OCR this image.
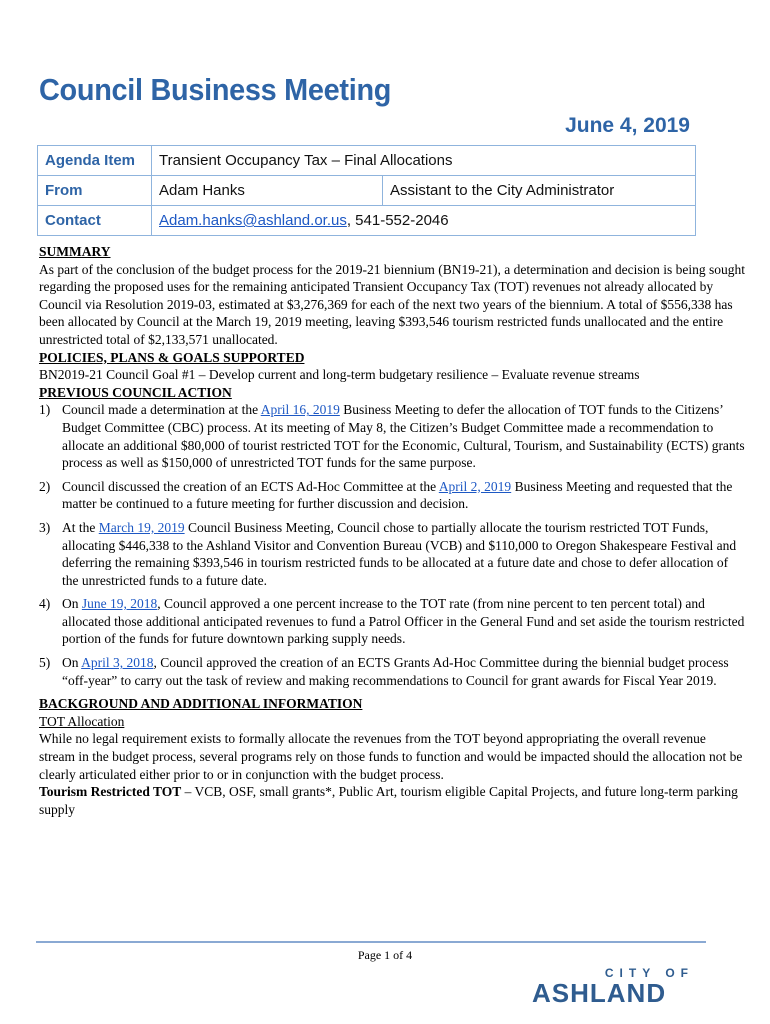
Council Business Meeting
June 4, 2019
Agenda Item	Transient Occupancy Tax – Final Allocations	
From	Adam Hanks	Assistant to the City Administrator
Contact	Adam.hanks@ashland.or.us, 541-552-2046	

SUMMARY

As part of the conclusion of the budget process for the 2019-21 biennium (BN19-21), a determination and decision is being sought regarding the proposed uses for the remaining anticipated Transient Occupancy Tax (TOT) revenues not already allocated by Council via Resolution 2019-03, estimated at $3,276,369 for each of the next two years of the biennium. A total of $556,338 has been allocated by Council at the March 19, 2019 meeting, leaving $393,546 tourism restricted funds unallocated and the entire unrestricted total of $2,133,571 unallocated.

POLICIES, PLANS & GOALS SUPPORTED

BN2019-21 Council Goal #1 – Develop current and long-term budgetary resilience – Evaluate revenue streams

PREVIOUS COUNCIL ACTION

1) Council made a determination at the April 16, 2019 Business Meeting to defer the allocation of TOT funds to the Citizens’ Budget Committee (CBC) process. At its meeting of May 8, the Citizen’s Budget Committee made a recommendation to allocate an additional $80,000 of tourist restricted TOT for the Economic, Cultural, Tourism, and Sustainability (ECTS) grants process as well as $150,000 of unrestricted TOT funds for the same purpose.
2) Council discussed the creation of an ECTS Ad-Hoc Committee at the April 2, 2019 Business Meeting and requested that the matter be continued to a future meeting for further discussion and decision.
3) At the March 19, 2019 Council Business Meeting, Council chose to partially allocate the tourism restricted TOT Funds, allocating $446,338 to the Ashland Visitor and Convention Bureau (VCB) and $110,000 to Oregon Shakespeare Festival and deferring the remaining $393,546 in tourism restricted funds to be allocated at a future date and chose to defer allocation of the unrestricted funds to a future date.
4) On June 19, 2018, Council approved a one percent increase to the TOT rate (from nine percent to ten percent total) and allocated those additional anticipated revenues to fund a Patrol Officer in the General Fund and set aside the tourism restricted portion of the funds for future downtown parking supply needs.
5) On April 3, 2018, Council approved the creation of an ECTS Grants Ad-Hoc Committee during the biennial budget process “off-year” to carry out the task of review and making recommendations to Council for grant awards for Fiscal Year 2019.

BACKGROUND AND ADDITIONAL INFORMATION

TOT Allocation

While no legal requirement exists to formally allocate the revenues from the TOT beyond appropriating the overall revenue stream in the budget process, several programs rely on those funds to function and would be impacted should the allocation not be clearly articulated either prior to or in conjunction with the budget process.

Tourism Restricted TOT – VCB, OSF, small grants*, Public Art, tourism eligible Capital Projects, and future long-term parking supply

Page 1 of 4
CITY OF
ASHLAND
